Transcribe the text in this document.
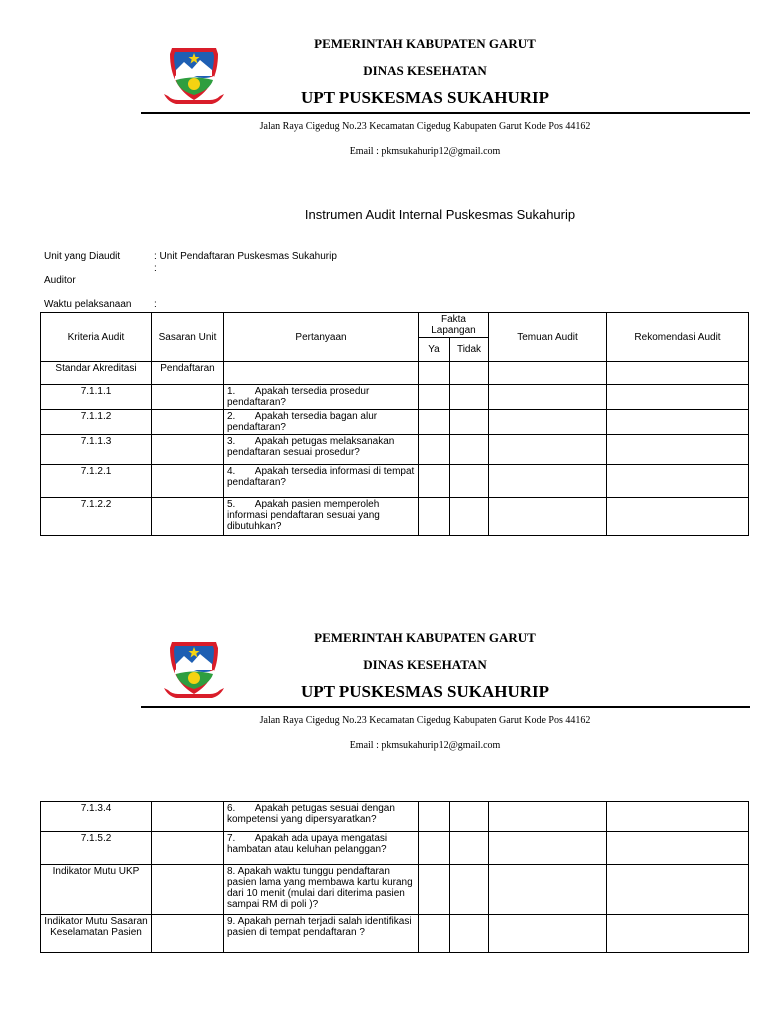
PEMERINTAH KABUPATEN GARUT
DINAS KESEHATAN
UPT PUSKESMAS SUKAHURIP
Jalan Raya Cigedug No.23 Kecamatan Cigedug Kabupaten Garut Kode Pos 44162
Email : pkmsukahurip12@gmail.com
Instrumen Audit Internal Puskesmas Sukahurip
Unit yang Diaudit	: Unit Pendaftaran Puskesmas Sukahurip
:
Auditor
Waktu pelaksanaan :
Kriteria Audit	Sasaran Unit	Pertanyaan	Fakta Lapangan		Temuan Audit	Rekomendasi Audit
			Ya	Tidak		
Standar Akreditasi	Pendaftaran					
7.1.1.1		1.       Apakah tersedia prosedur pendaftaran?				
7.1.1.2		2.       Apakah tersedia bagan alur pendaftaran?				
7.1.1.3		3.       Apakah petugas melaksanakan pendaftaran sesuai prosedur?				
7.1.2.1		4.       Apakah tersedia informasi di tempat pendaftaran?				
7.1.2.2		5.       Apakah pasien memperoleh informasi pendaftaran sesuai yang dibutuhkan?				
PEMERINTAH KABUPATEN GARUT
DINAS KESEHATAN
UPT PUSKESMAS SUKAHURIP
Jalan Raya Cigedug No.23 Kecamatan Cigedug Kabupaten Garut Kode Pos 44162
Email : pkmsukahurip12@gmail.com
7.1.3.4		6.       Apakah petugas sesuai dengan kompetensi yang dipersyaratkan?				
7.1.5.2		7.       Apakah ada upaya mengatasi hambatan atau keluhan pelanggan?				
Indikator Mutu UKP		8. Apakah waktu tunggu pendaftaran pasien lama yang membawa kartu kurang dari 10 menit (mulai dari diterima pasien sampai RM di poli )?				
Indikator Mutu Sasaran Keselamatan Pasien		9. Apakah pernah terjadi salah identifikasi pasien di tempat pendaftaran ?				
